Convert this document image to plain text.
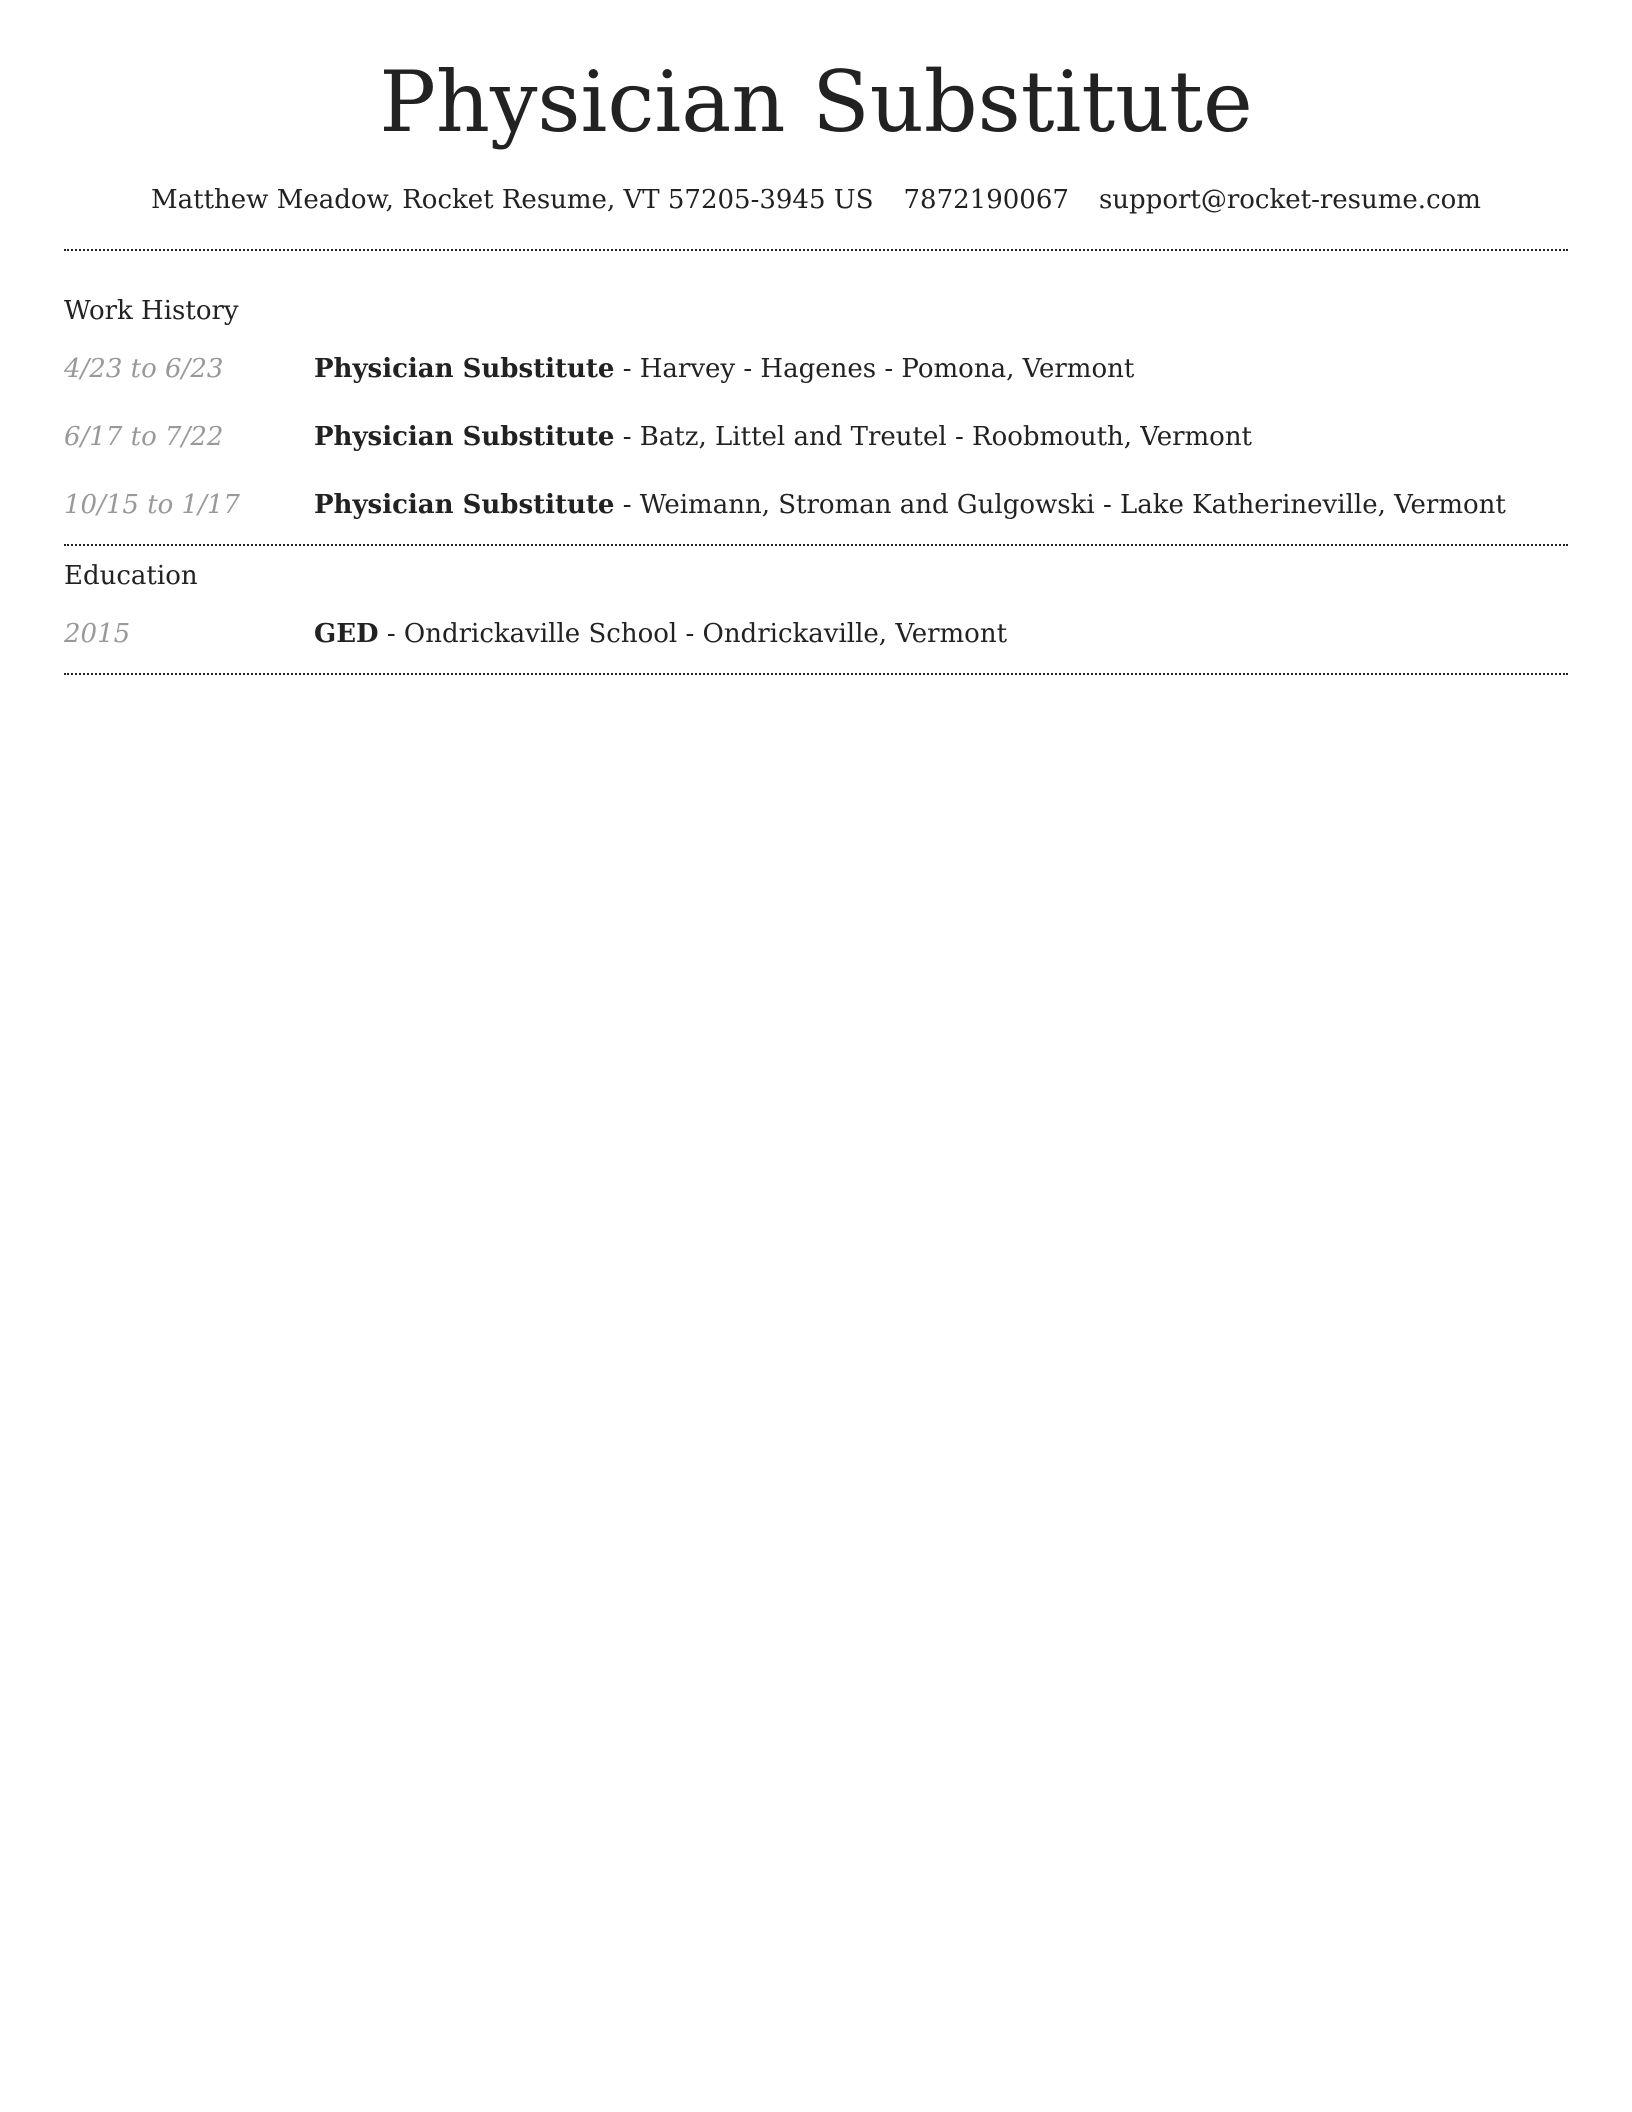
Physician Substitute
Matthew Meadow, Rocket Resume, VT 57205-3945 US 7872190067 support@rocket-resume.com
Work History
4/23 to 6/23	Physician Substitute - Harvey - Hagenes - Pomona, Vermont
6/17 to 7/22	Physician Substitute - Batz, Littel and Treutel - Roobmouth, Vermont
10/15 to 1/17	Physician Substitute - Weimann, Stroman and Gulgowski - Lake Katherineville, Vermont
Education
2015	GED - Ondrickaville School - Ondrickaville, Vermont
